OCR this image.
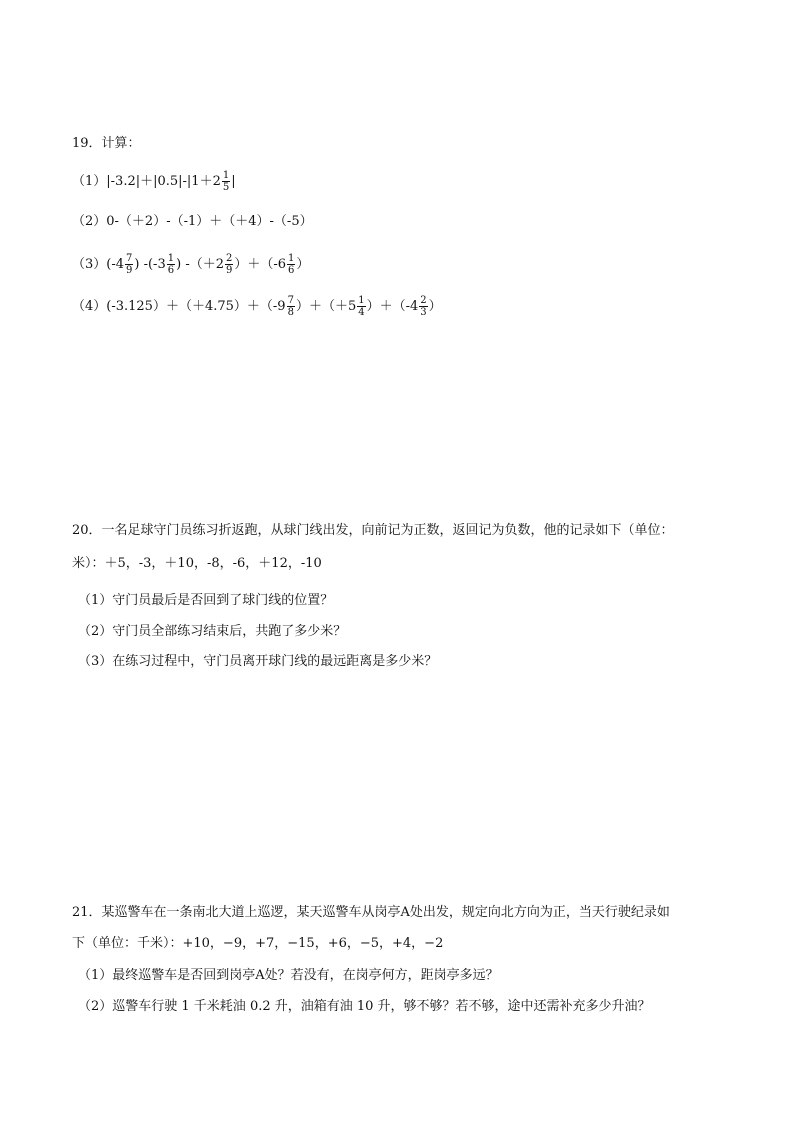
19．计算：
$(1)|-3.2|+|0.5|-|1+2 \frac{1}{5}$ |
（2）0-（＋2）-（-1）＋（＋4）-（-5）
$(3)(-4 \frac{7}{9}$ ) $-(-3 \frac{1}{6}$ ) $-(+2 \frac{2}{9} )+(-6 \frac{1}{6}$ ）
$(4)(-3.125)+(+4.75)+(-9 \frac{7}{8} )+(+5 \frac{1}{4} )+(-4 \frac{2}{3}$ ）
20．一名足球守门员练习折返跑，从球门线出发，向前记为正数，返回记为负数，他的记录如下（单位：
米）：＋5，-3，＋10，-8，-6，＋12，-10
（1）守门员最后是否回到了球门线的位置？
（2）守门员全部练习结束后，共跑了多少米？
（3）在练习过程中，守门员离开球门线的最远距离是多少米？
21．某巡警车在一条南北大道上巡逻，某天巡警车从岗亭A处出发，规定向北方向为正，当天行驶纪录如
下（单位：千米）：+10，−9，+7，−15，+6，−5，+4，−2
（1）最终巡警车是否回到岗亭A处？若没有，在岗亭何方，距岗亭多远？
（2）巡警车行驶 1 千米耗油 0.2 升，油箱有油 10 升，够不够？若不够，途中还需补充多少升油？
